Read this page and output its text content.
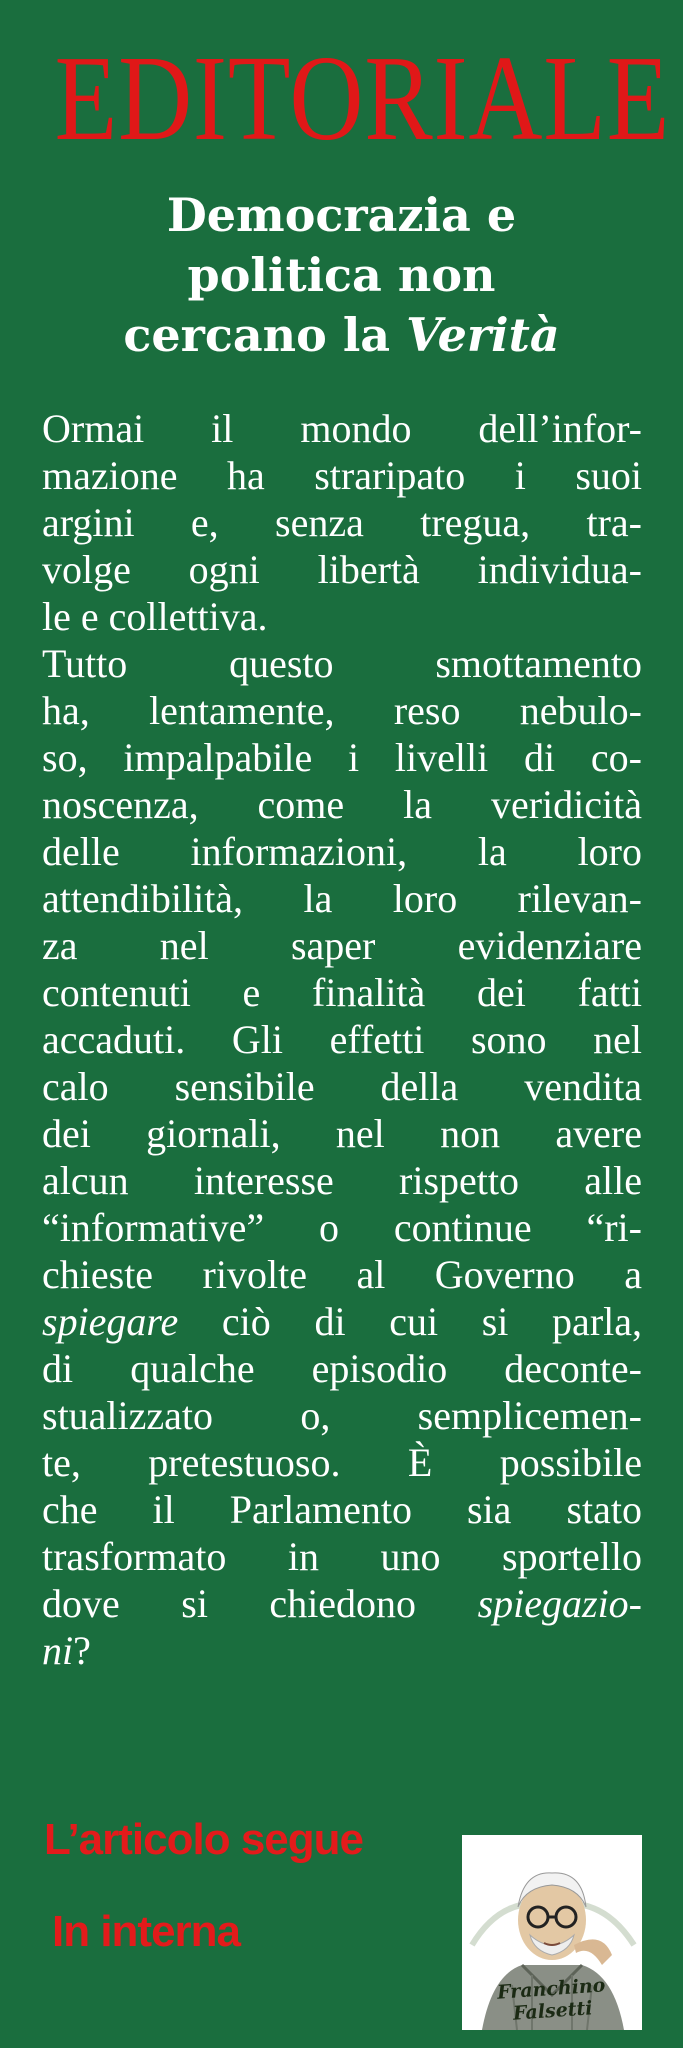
EDITORIALE
Democrazia e
politica non
cercano la Verità
Ormai il mondo dell’infor-
mazione ha straripato i suoi
argini e, senza tregua, tra-
volge ogni libertà individua-
le e collettiva.
Tutto questo smottamento
ha, lentamente, reso nebulo-
so, impalpabile i livelli di co-
noscenza, come la veridicità
delle informazioni, la loro
attendibilità, la loro rilevan-
za nel saper evidenziare
contenuti e finalità dei fatti
accaduti. Gli effetti sono nel
calo sensibile della vendita
dei giornali, nel non avere
alcun interesse rispetto alle
“informative” o continue “ri-
chieste rivolte al Governo a
spiegare ciò di cui si parla,
di qualche episodio deconte-
stualizzato o, semplicemen-
te, pretestuoso. È possibile
che il Parlamento sia stato
trasformato in uno sportello
dove si chiedono spiegazio-
ni?
L’articolo segue
In interna
Franchino Falsetti
